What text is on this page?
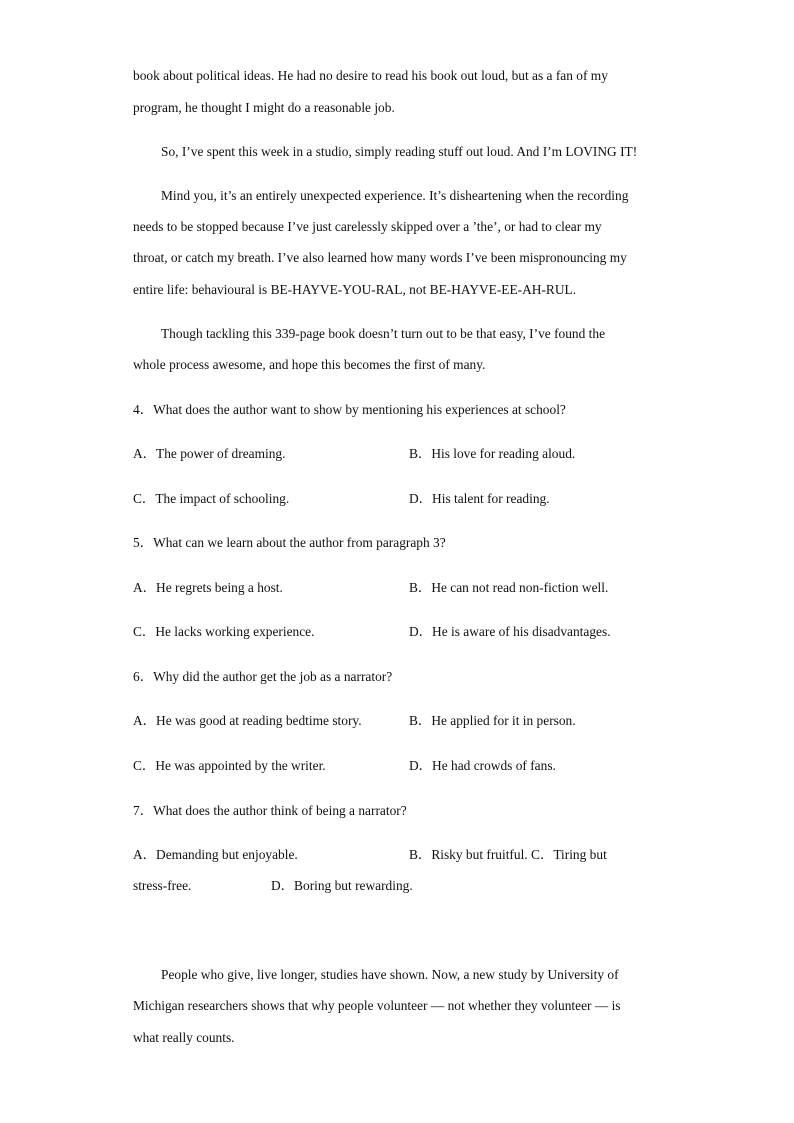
book about political ideas. He had no desire to read his book out loud, but as a fan of my
program, he thought I might do a reasonable job.
So, I’ve spent this week in a studio, simply reading stuff out loud. And I’m LOVING IT!
Mind you, it’s an entirely unexpected experience. It’s disheartening when the recording
needs to be stopped because I’ve just carelessly skipped over a ’the’, or had to clear my
throat, or catch my breath. I’ve also learned how many words I’ve been mispronouncing my
entire life: behavioural is BE-HAYVE-YOU-RAL, not BE-HAYVE-EE-AH-RUL.
Though tackling this 339-page book doesn’t turn out to be that easy, I’ve found the
whole process awesome, and hope this becomes the first of many.
4．What does the author want to show by mentioning his experiences at school?
A．The power of dreaming.	B．His love for reading aloud.
C．The impact of schooling.	D．His talent for reading.
5．What can we learn about the author from paragraph 3?
A．He regrets being a host.	B．He can not read non-fiction well.
C．He lacks working experience.	D．He is aware of his disadvantages.
6．Why did the author get the job as a narrator?
A．He was good at reading bedtime story.	B．He applied for it in person.
C．He was appointed by the writer.	D．He had crowds of fans.
7．What does the author think of being a narrator?
A．Demanding but enjoyable.	B．Risky but fruitful. C．Tiring but
stress-free.	D．Boring but rewarding.
People who give, live longer, studies have shown. Now, a new study by University of
Michigan researchers shows that why people volunteer — not whether they volunteer — is
what really counts.
